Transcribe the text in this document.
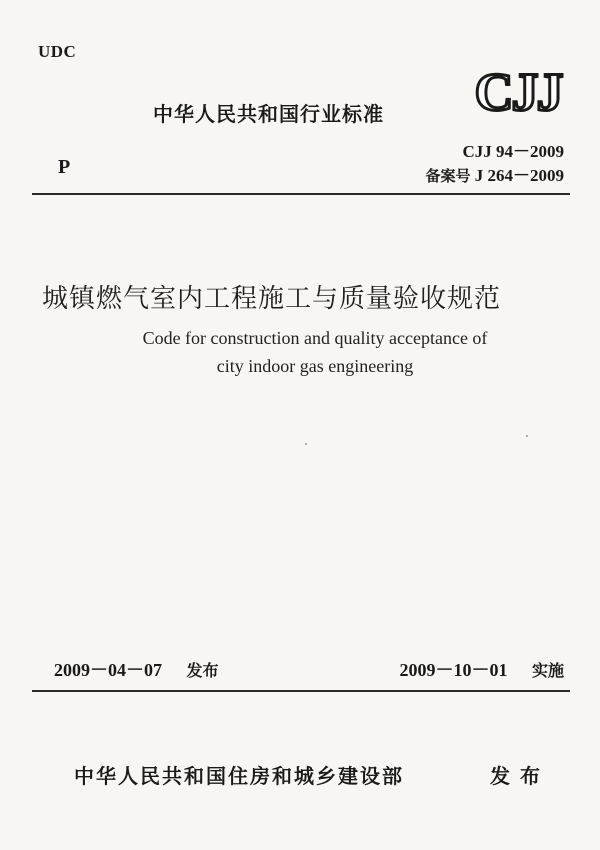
UDC
中华人民共和国行业标准 CJJ
P
CJJ 94－2009
备案号 J 264－2009
城镇燃气室内工程施工与质量验收规范
Code for construction and quality acceptance of
city indoor gas engineering
2009－04－07 发布	2009－10－01 实施
中华人民共和国住房和城乡建设部	发布
